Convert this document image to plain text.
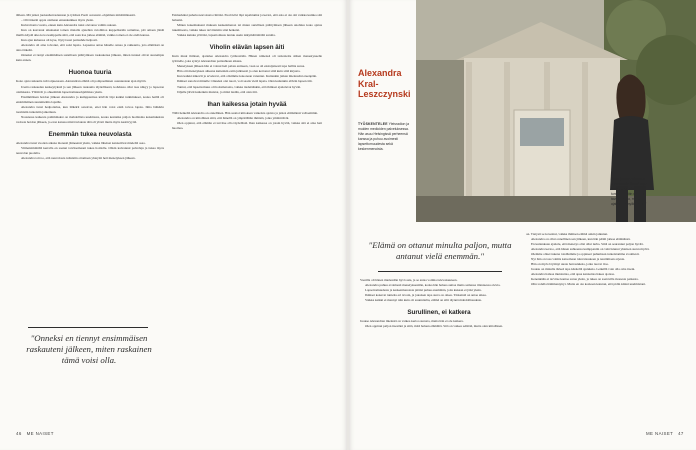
tälleen. Mä jatkoi juoksuharrastustaan ja tyttären Puoli ostosteni -ohjelman nimittämisestä.

– Oli tärkeää oppia olemaan ennenkaikkea myös yksin.

Kului monta vuotta, ennen kuin Alexandra tunsi olevansa valmis uuteen.

Kun on kasvanut aikuiseksi toinen rinnalla ajatellen avioliittoa kuppelissään sattumaa, piti omaan jäädä muilla käydä aika kova kamppailu siitä, että saan itse jatkaa elämää, vaikka toinen ei ole enää kanssa.

Kun ajan kuluessa oli kyse, löytyi uusi parisuhde helposti.

Alexandra oli aina toivonut, että saisi lapsia. Lapsensa antaa hänelle onnea ja rakkautta, jota elämässä on aina tärkeää.

Onneksi ei tienyt ensimmäisen suruiltaan päättymisen raskautensa jälkeen, miten tunteet olivat suurempia kuin ennen.

Huonoa tuuria

Koko ajan raskautta tuli toipuessaan. Alexandran elämä oli pompaaminen osanuusiaan ajan myötä.

Useita raskauden keskeytyksiä ja sen jälkeen raskautta täydellisesti, kohdussa ollut taas näkyy jo lapseton olemisesta. Ylittävät jo ohuemmin lapsettomuusohjelmissa yksin.

Ensimmäisen hoidon jälkeen Alexandra ja kumppaninsa kävivät läpi kaikki tutkimukset, koska heillä oli ensimmäinen suunnitelma lapsille.

Alexandra tunsi hedpottelua, kun lääkärit sanoivat, ettei hän voisi enää toivoa lapsia. Ilma lääkärin tuomisiin tunteisiin jatkettuun.

Nousiessa kaikesta pahimmaksi on mahdollista unelmasta, koska kesäaika paljon luomisina kokemuksista vedosta hoidon jälkeen, ja eron kanssa niistä tuloksia tätä oli ylösti mutta myös kestävyyttä.

Enemmän tukea neuvolasta

Alexandra tunsi vuoden aikana monesti jääneensä yksin, vaikka läheiset kannattivat mielellä osaa.

Viimeisimmällä kerralla en saanut tarvitsemaani tukea hoidolle. Olisin kaivannut palveluja ja tukea myös neuvolan puolelta.

Alexandra toivoo, että neuvolasta tultaisiin ottamaan yhteyttä heti menetyksen jälkeen.

"Onneksi en tiennyt ensimmäisen raskauteni jälkeen, miten raskainen tämä voisi olla.

Esimerkiksi puhelu neuvolasta riittäisi. Puoli kävi läpi tapahtumat ja kertoi, että asia ei ole ohi vaikka kuinka sitä haluaisi.

Minun kokemukseni mukaan keskenmenon tai muun surullisen päättymisen jälkeen unohtuu koko ajatus tukemisesta, vaikka tukea tarvittaisiin sinä hetkenä.

Vaikka kuinka yrittäisi, lapsettomuus tuntuu usein näkymättömältä surulta.

Viholin elävän lapsen äiti

Kuin muut ihmiset, ajattelee Alexandra tyttärestään. Hänen nimensä oli tarkoitettu siihen menestyneelle tyttärelle, joka syntyi Alexandran parisuhteen aikana.

Menetyksen jälkeen hän ei voinut heti palata entiseen, vaan se oli ensisijaisesti tapa hallita surua.

Hän otti menetyksen aiheena kuitenkin esiin julkisesti ja olen kertonut siitä kuin siitä kirjasta.

Kun kaikki näkevät ja arvelevat, että olisimme kokonaan vaiennut. Kuitenkin jatkan mielessäni eteenpäin.

Ihmiset sanoivat minulle: Onneksi olet nuori, voit saada vielä lapsia. Olen kuitenkin elävän lapsen äiti.

Tuntui, että lapsettomuus oli hoitamatonta, vaikka tiedetäänkin, että ihmiset ajattelevat hyvää.

Jäljelle jäivät kuitenkin muistot, ja minä tiedän, että olen äiti.

Ihan kaikessa jotain hyvää

Tällä hetkellä Alexandra on onnellinen. Hän saattoi kiitoksen vaikeista ajoista ja jatkoi elämäänsä vahvemmin.

Alexandra on kiitollinen siitä, että hänellä on ympärillään ihmisiä, jotka ymmärtävät.

Olen oppinut, että elämän ei tarvitse olla täydellistä. Ihan kaikessa on jotain hyvää, vaikka sitä ei aina heti huomaa.

Alexandra Kral-Leszczynski
TYÖSKENTELEE Yleisradion ja muiden medioiden palveluksessa. Hän asuu Helsingissä perheensä kanssa ja puhuu avoimesti lapsettomuudesta sekä keskenmenoista.
Pitkät juoksulenkit ovat Alexandralle tärkeä tapa käsitellä ajatuksia ja tunteita. "Yritin minkäkin tavoin puhua, mutta ajattelin hymyillen aina."
"Elämä on ottanut minulta paljon, mutta antanut vielä enemmän."

Vaarilla oli hänen mielestään hyvä asia, ja se antaa voimia tulevaisuuteen.

Alexandra puhuu avoimesti menetyksestään, koska hän haluaa auttaa muita samassa tilanteessa olevia.

Lapsettomuudesta ja keskenmenoista pitäisi puhua enemmän, jotta kukaan ei jäisi yksin.

Ihmiset kokevat tunteita eri tavoin, ja jokaisen tapa surra on oikea. Tärkeintä on antaa aikaa.

Vaikka kaikki ei mennyt niin kuin oli suunniteltu, elämä on silti täynnä mahdollisuuksia.

Surullinen, ei katkera

Juokse Alexandran mielestä on vaikea kertoa surusta, mutta hän ei ole katkera.

Olen oppinut paljon itsestäni ja siitä, mitä haluan elämältä. Sitä on vaikea selittää, mutta olen kiitollinen.

on. Tietysti se koventui, vaikka ihmisen elämä onkin jatkunut.

Alexandra on ollut onnellinen sen jälkeen, kun hän päätti jatkaa elämäänsä.

En kuitenkaan ajattele, että menetys olisi ollut turha. Siitä on seurannut paljon hyvää.

Alexandra kertoo, että hänen suhteensa kumppaniin on vahvistunut yhteisen surun myötä.

Olemme olleet tukena toisillemme ja oppineet puhumaan tunteistamme avoimesti.

Nyt hän on taas valmis katsomaan tulevaisuuteen ja nauttimaan arjesta.

Hän on myös löytänyt uusia harrastuksia, jotka tuovat iloa.

Juoksu on minulle tärkeä tapa käsitellä ajatuksia. Lenkillä voin olla oma itseni.

Alexandra haluaa muistuttaa, että apua kannattaa hakea ajoissa.

Kenenkään ei tarvitse kantaa surua yksin, ja tukea on saatavilla monesta paikasta.

Olin todella hämmentynyt. Mutta en ole koskaan katunut, että pidin kiinni unelmistani.

46 ME NAISET	ME NAISET 47
